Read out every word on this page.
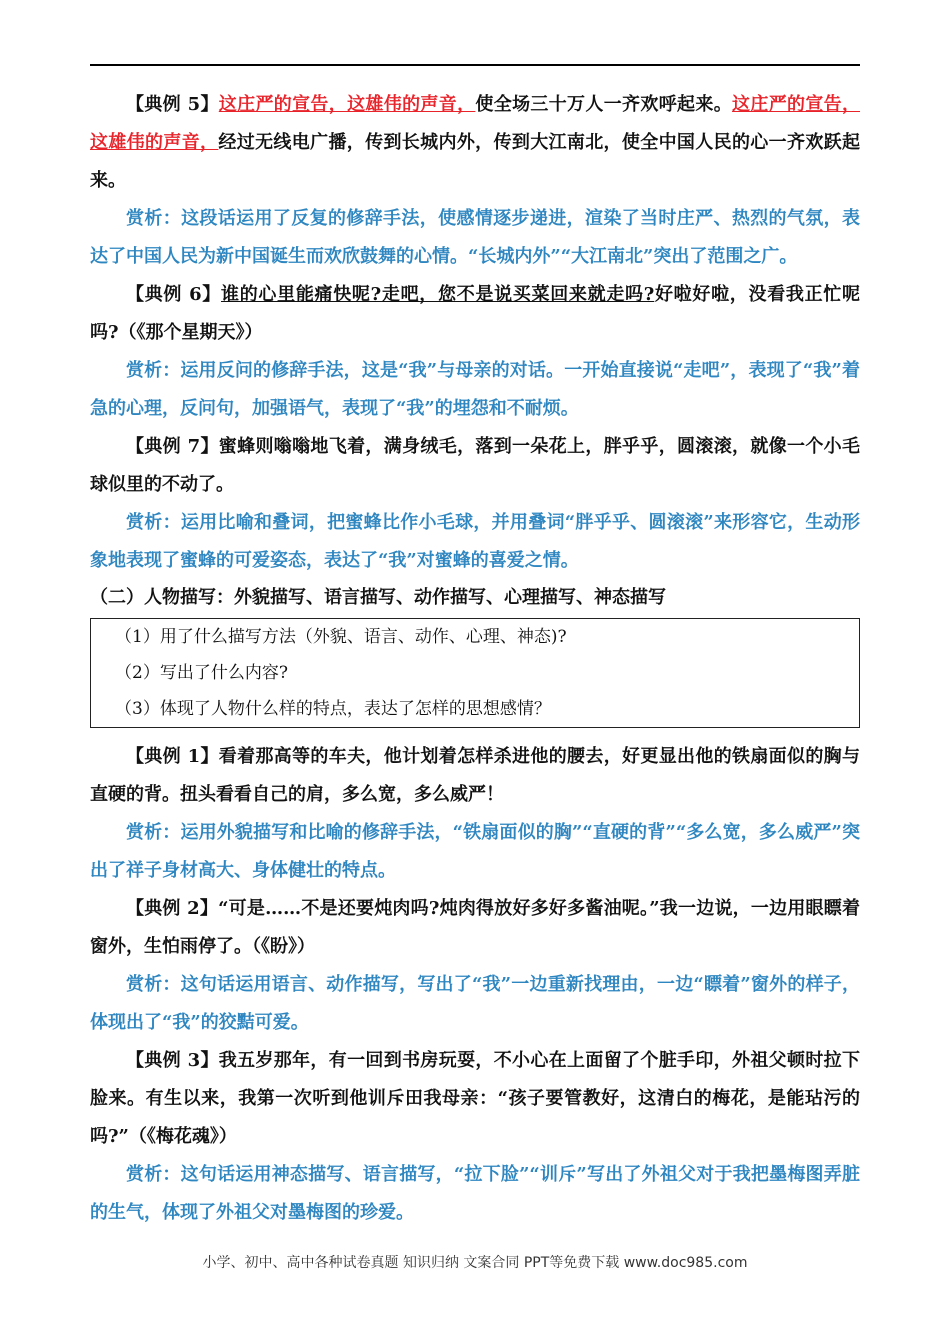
【典例 5】这庄严的宣告，这雄伟的声音，使全场三十万人一齐欢呼起来。这庄严的宣告，这雄伟的声音，经过无线电广播，传到长城内外，传到大江南北，使全中国人民的心一齐欢跃起来。

赏析：这段话运用了反复的修辞手法，使感情逐步递进，渲染了当时庄严、热烈的气氛，表达了中国人民为新中国诞生而欢欣鼓舞的心情。“长城内外”“大江南北”突出了范围之广。

【典例 6】谁的心里能痛快呢?走吧，您不是说买菜回来就走吗?好啦好啦，没看我正忙呢吗?（《那个星期天》）

赏析：运用反问的修辞手法，这是“我”与母亲的对话。一开始直接说“走吧”，表现了“我”着急的心理，反问句，加强语气，表现了“我”的埋怨和不耐烦。

【典例 7】蜜蜂则嗡嗡地飞着，满身绒毛，落到一朵花上，胖乎乎，圆滚滚，就像一个小毛球似里的不动了。

赏析：运用比喻和叠词，把蜜蜂比作小毛球，并用叠词“胖乎乎、圆滚滚”来形容它，生动形象地表现了蜜蜂的可爱姿态，表达了“我”对蜜蜂的喜爱之情。

（二）人物描写：外貌描写、语言描写、动作描写、心理描写、神态描写

（1）用了什么描写方法（外貌、语言、动作、心理、神态)?

（2）写出了什么内容?

（3）体现了人物什么样的特点，表达了怎样的思想感情？

【典例 1】看着那高等的车夫，他计划着怎样杀进他的腰去，好更显出他的铁扇面似的胸与直硬的背。扭头看看自己的肩，多么宽，多么威严！

赏析：运用外貌描写和比喻的修辞手法，“铁扇面似的胸”“直硬的背”“多么宽，多么威严”突出了祥子身材高大、身体健壮的特点。

【典例 2】“可是……不是还要炖肉吗?炖肉得放好多好多酱油呢。”我一边说，一边用眼瞟着窗外，生怕雨停了。（《盼》）

赏析：这句话运用语言、动作描写，写出了“我”一边重新找理由，一边“瞟着”窗外的样子，体现出了“我”的狡黠可爱。

【典例 3】我五岁那年，有一回到书房玩耍，不小心在上面留了个脏手印，外祖父顿时拉下脸来。有生以来，我第一次听到他训斥田我母亲：“孩子要管教好，这清白的梅花，是能玷污的吗?”（《梅花魂》）

赏析：这句话运用神态描写、语言描写，“拉下脸”“训斥”写出了外祖父对于我把墨梅图弄脏的生气，体现了外祖父对墨梅图的珍爱。

小学、初中、高中各种试卷真题 知识归纳 文案合同 PPT等免费下载 www.doc985.com
